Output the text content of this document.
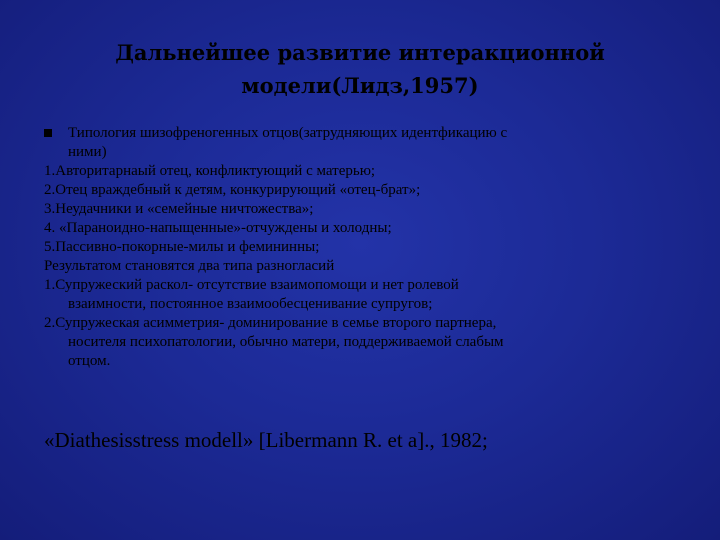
Дальнейшее развитие интеракционной
модели(Лидз,1957)
Типология шизофреногенных отцов(затрудняющих идентфикацию с
ними)

1.Авторитарнаый отец, конфликтующий с матерью;

2.Отец враждебный к детям, конкурирующий «отец-брат»;

3.Неудачники и «семейные ничтожества»;

4. «Параноидно-напыщенные»-отчуждены и холодны;

5.Пассивно-покорные-милы и фемининны;

Результатом становятся два типа разногласий

1.Супружеский раскол- отсутствие взаимопомощи и нет ролевой

взаимности, постоянное взаимообесценивание супругов;

2.Супружеская асимметрия- доминирование в семье второго партнера,

носителя психопатологии, обычно матери, поддерживаемой слабым

отцом.

«Diathesisstress modell» [Libermann R. et a]., 1982;
